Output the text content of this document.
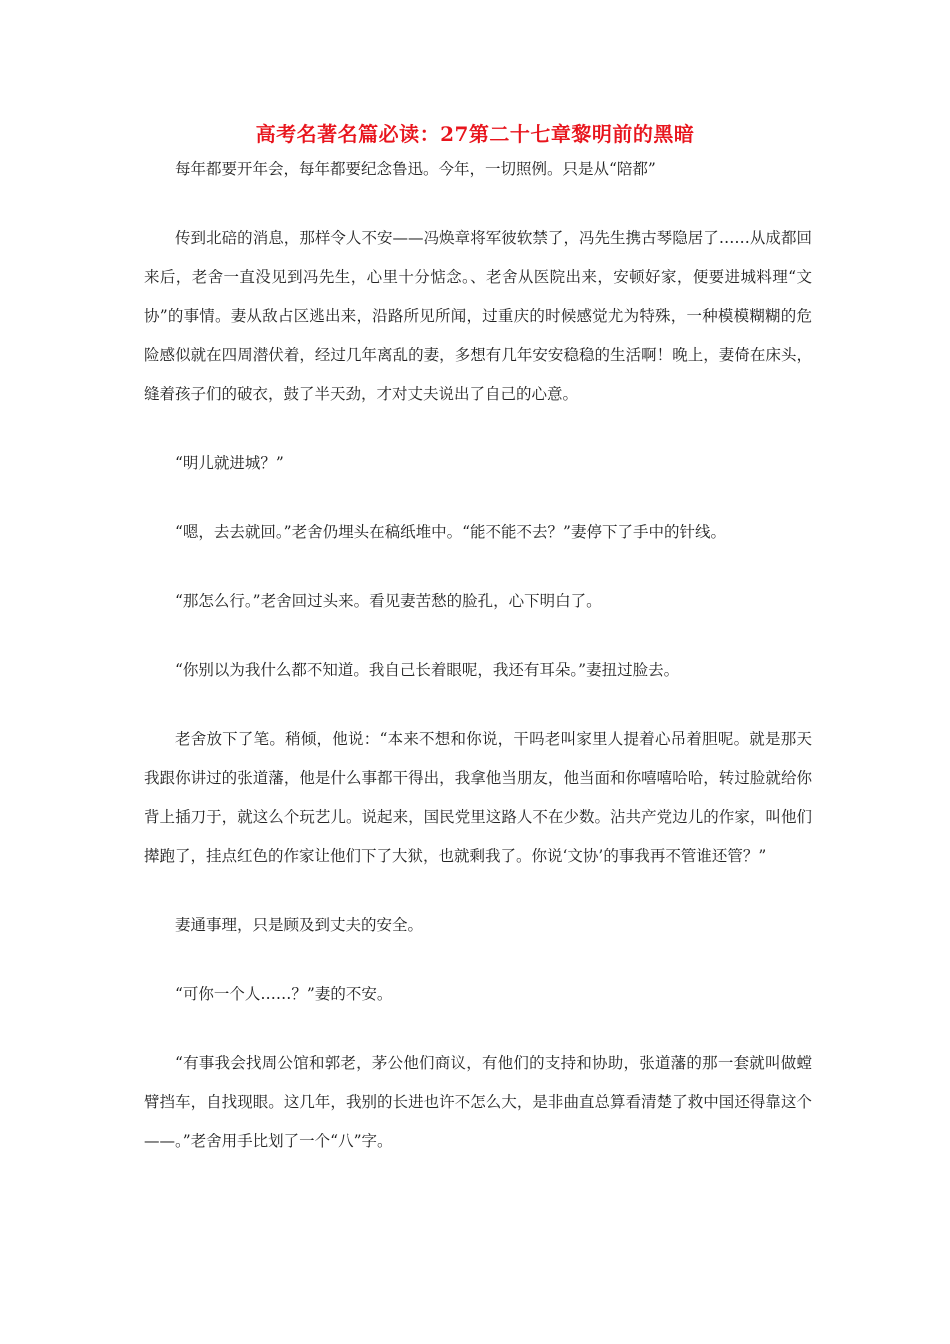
高考名著名篇必读：27第二十七章黎明前的黑暗

每年都要开年会，每年都要纪念鲁迅。今年，一切照例。只是从“陪都”

传到北碚的消息，那样令人不安——冯焕章将军彼软禁了，冯先生携古琴隐居了……从成都回来后，老舍一直没见到冯先生，心里十分惦念。、老舍从医院出来，安顿好家，便要进城料理“文协”的事情。妻从敌占区逃出来，沿路所见所闻，过重庆的时候感觉尤为特殊，一种模模糊糊的危险感似就在四周潜伏着，经过几年离乱的妻，多想有几年安安稳稳的生活啊！晚上，妻倚在床头，缝着孩子们的破衣，鼓了半天劲，才对丈夫说出了自己的心意。

“明儿就进城？”

“嗯，去去就回。”老舍仍埋头在稿纸堆中。“能不能不去？”妻停下了手中的针线。

“那怎么行。”老舍回过头来。看见妻苦愁的脸孔，心下明白了。

“你别以为我什么都不知道。我自己长着眼呢，我还有耳朵。”妻扭过脸去。

老舍放下了笔。稍倾，他说：“本来不想和你说，干吗老叫家里人提着心吊着胆呢。就是那天我跟你讲过的张道藩，他是什么事都干得出，我拿他当朋友，他当面和你嘻嘻哈哈，转过脸就给你背上插刀于，就这么个玩艺儿。说起来，国民党里这路人不在少数。沾共产党边儿的作家，叫他们撵跑了，挂点红色的作家让他们下了大狱，也就剩我了。你说‘文协’的事我再不管谁还管？”

妻通事理，只是顾及到丈夫的安全。

“可你一个人……？”妻的不安。

“有事我会找周公馆和郭老，茅公他们商议，有他们的支持和协助，张道藩的那一套就叫做螳臂挡车，自找现眼。这几年，我别的长进也许不怎么大，是非曲直总算看清楚了救中国还得靠这个——。”老舍用手比划了一个“八”字。
